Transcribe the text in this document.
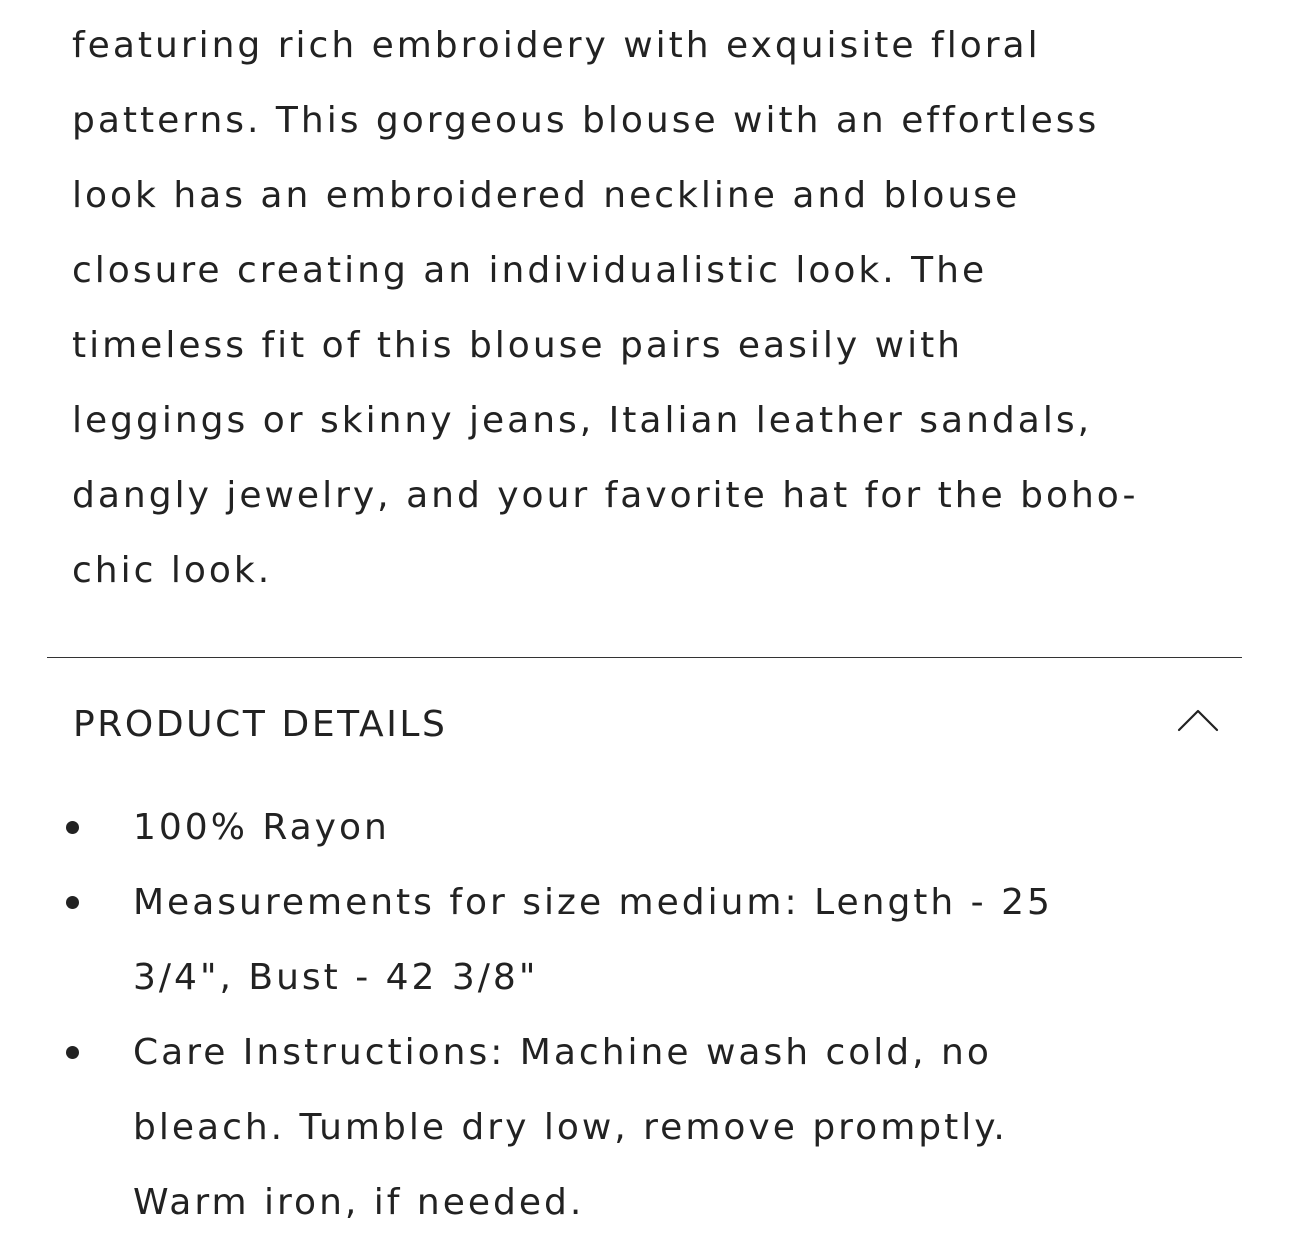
featuring rich embroidery with exquisite floral
patterns. This gorgeous blouse with an effortless
look has an embroidered neckline and blouse
closure creating an individualistic look. The
timeless fit of this blouse pairs easily with
leggings or skinny jeans, Italian leather sandals,
dangly jewelry, and your favorite hat for the boho-
chic look.
PRODUCT DETAILS
100% Rayon
Measurements for size medium: Length - 25
3/4", Bust - 42 3/8"
Care Instructions: Machine wash cold, no
bleach. Tumble dry low, remove promptly.
Warm iron, if needed.
